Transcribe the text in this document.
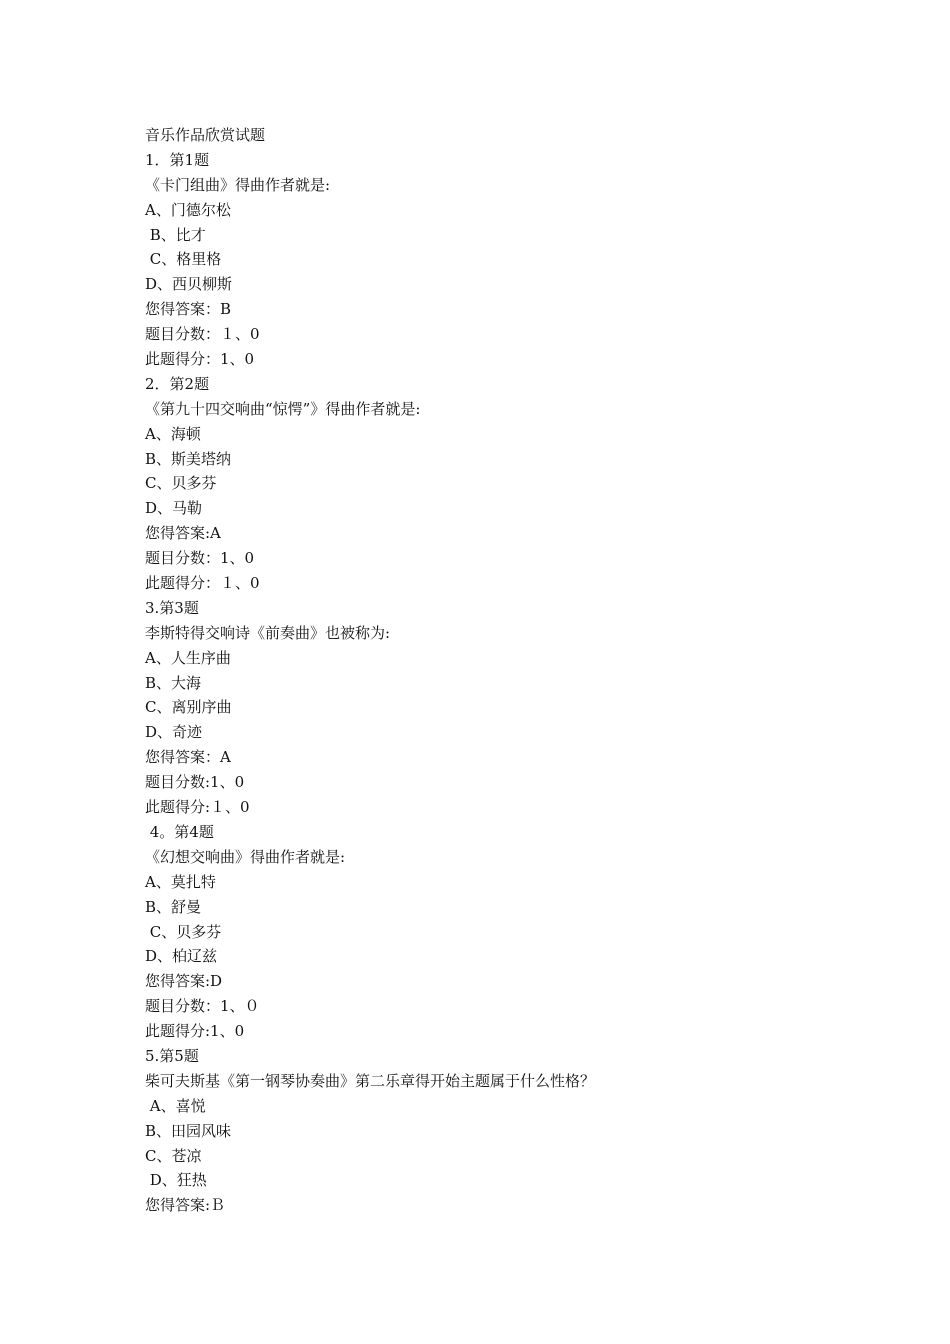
音乐作品欣赏试题
1．第1题
《卡门组曲》得曲作者就是:
A、门德尔松
B、比才
C、格里格
D、西贝柳斯
您得答案：B
题目分数：１、0
此题得分：1、0
2．第2题
《第九十四交响曲“惊愕”》得曲作者就是:
A、海顿
B、斯美塔纳
C、贝多芬
D、马勒
您得答案:A
题目分数：1、0
此题得分：１、0
3.第3题
李斯特得交响诗《前奏曲》也被称为:
A、人生序曲
B、大海
C、离别序曲
D、奇迹
您得答案：A
题目分数:1、0
此题得分:１、0
4。第4题
《幻想交响曲》得曲作者就是:
A、莫扎特
B、舒曼
C、贝多芬
D、柏辽兹
您得答案:D
题目分数：1、０
此题得分:1、0
5.第5题
柴可夫斯基《第一钢琴协奏曲》第二乐章得开始主题属于什么性格？
A、喜悦
B、田园风味
C、苍凉
D、狂热
您得答案:Ｂ
